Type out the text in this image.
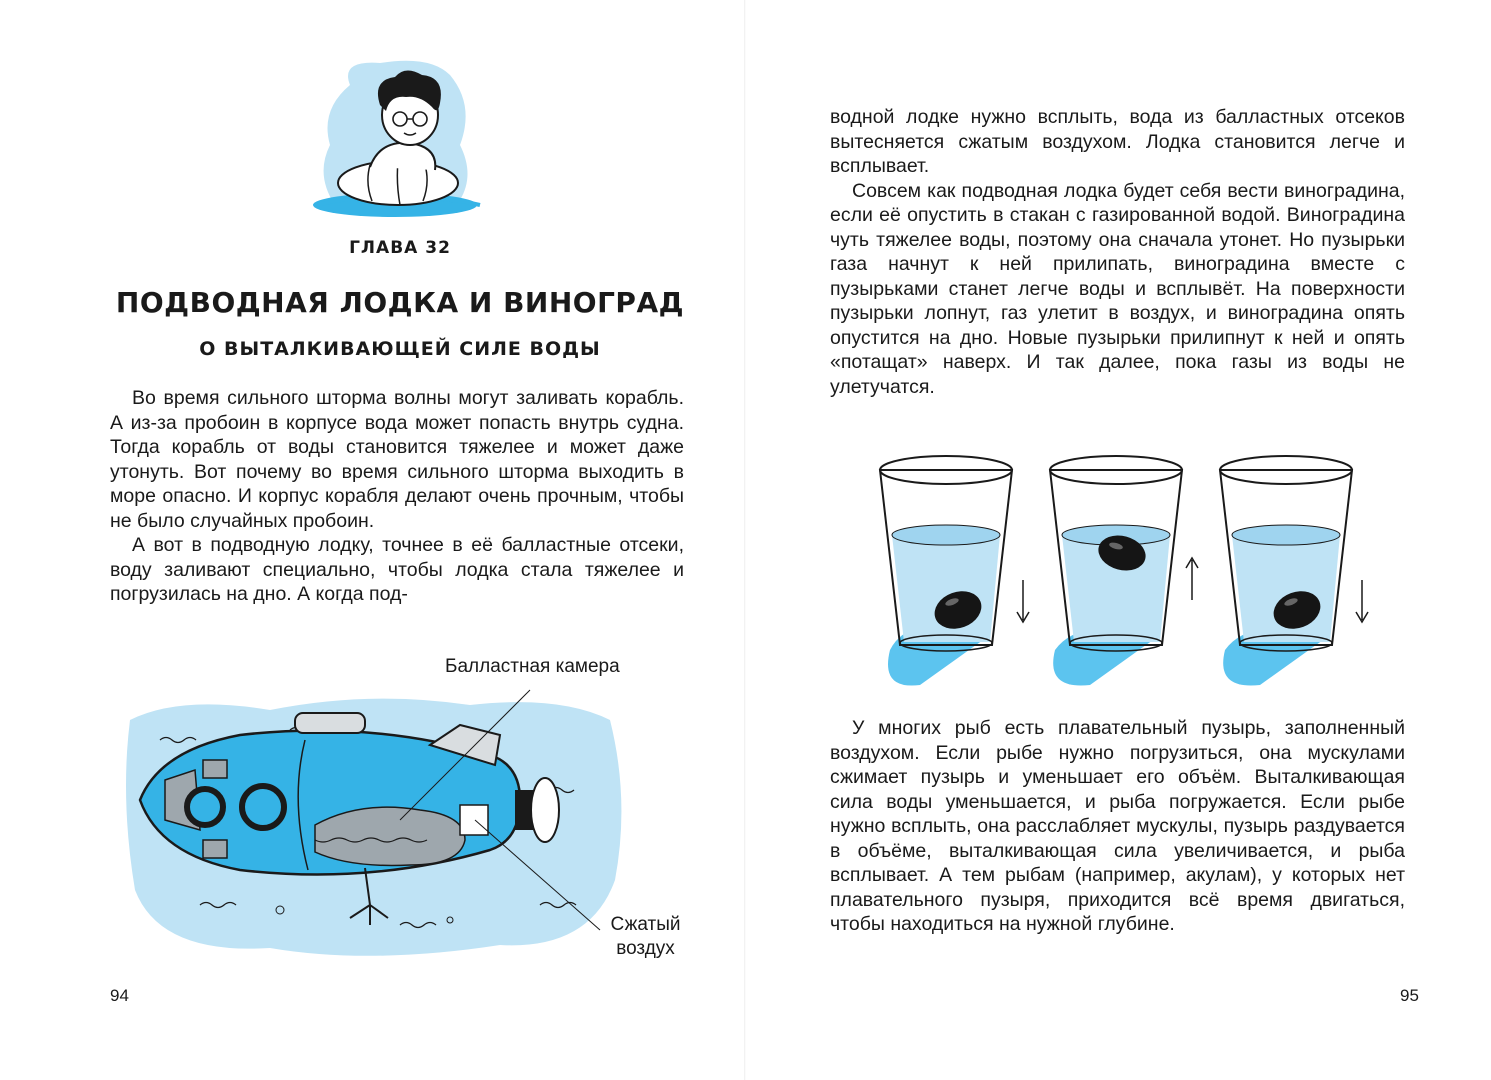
ГЛАВА 32
ПОДВОДНАЯ ЛОДКА И ВИНОГРАД
О ВЫТАЛКИВАЮЩЕЙ СИЛЕ ВОДЫ

Во время сильного шторма волны могут заливать корабль. А из-за пробоин в корпусе вода может попасть внутрь судна. Тогда корабль от воды становится тяжелее и может даже утонуть. Вот почему во время сильного шторма выходить в море опасно. И корпус корабля делают очень прочным, чтобы не было случайных пробоин.

А вот в подводную лодку, точнее в её балластные отсеки, воду заливают специально, чтобы лодка стала тяжелее и погрузилась на дно. А когда под-

Балластная камера
Сжатый воздух
94

водной лодке нужно всплыть, вода из балластных отсеков вытесняется сжатым воздухом. Лодка становится легче и всплывает.

Совсем как подводная лодка будет себя вести виноградина, если её опустить в стакан с газированной водой. Виноградина чуть тяжелее воды, поэтому она сначала утонет. Но пузырьки газа начнут к ней прилипать, виноградина вместе с пузырьками станет легче воды и всплывёт. На поверхности пузырьки лопнут, газ улетит в воздух, и виноградина опять опустится на дно. Новые пузырьки прилипнут к ней и опять «потащат» наверх. И так далее, пока газы из воды не улетучатся.

У многих рыб есть плавательный пузырь, заполненный воздухом. Если рыбе нужно погрузиться, она мускулами сжимает пузырь и уменьшает его объём. Выталкивающая сила воды уменьшается, и рыба погружается. Если рыбе нужно всплыть, она расслабляет мускулы, пузырь раздувается в объёме, выталкивающая сила увеличивается, и рыба всплывает. А тем рыбам (например, акулам), у которых нет плавательного пузыря, приходится всё время двигаться, чтобы находиться на нужной глубине.

95
